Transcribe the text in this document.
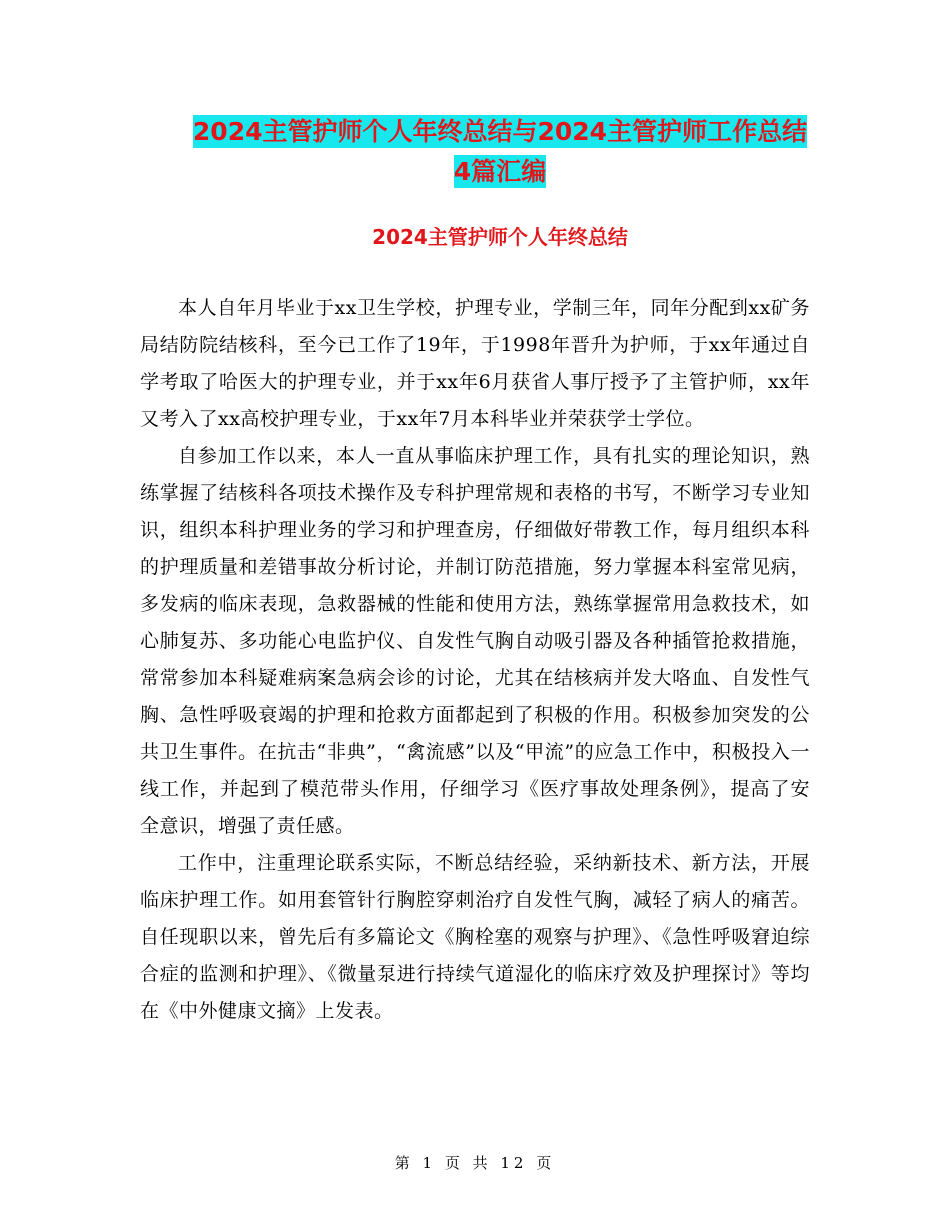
2024主管护师个人年终总结与2024主管护师工作总结
4篇汇编
2024主管护师个人年终总结

本人自年月毕业于xx卫生学校，护理专业，学制三年，同年分配到xx矿务局结防院结核科，至今已工作了19年，于1998年晋升为护师，于xx年通过自学考取了哈医大的护理专业，并于xx年6月获省人事厅授予了主管护师，xx年又考入了xx高校护理专业，于xx年7月本科毕业并荣获学士学位。

自参加工作以来，本人一直从事临床护理工作，具有扎实的理论知识，熟练掌握了结核科各项技术操作及专科护理常规和表格的书写，不断学习专业知识，组织本科护理业务的学习和护理查房，仔细做好带教工作，每月组织本科的护理质量和差错事故分析讨论，并制订防范措施，努力掌握本科室常见病，多发病的临床表现，急救器械的性能和使用方法，熟练掌握常用急救技术，如心肺复苏、多功能心电监护仪、自发性气胸自动吸引器及各种插管抢救措施，常常参加本科疑难病案急病会诊的讨论，尤其在结核病并发大咯血、自发性气胸、急性呼吸衰竭的护理和抢救方面都起到了积极的作用。积极参加突发的公共卫生事件。在抗击“非典”，“禽流感”以及“甲流”的应急工作中，积极投入一线工作，并起到了模范带头作用，仔细学习《医疗事故处理条例》，提高了安全意识，增强了责任感。

工作中，注重理论联系实际，不断总结经验，采纳新技术、新方法，开展临床护理工作。如用套管针行胸腔穿刺治疗自发性气胸，减轻了病人的痛苦。自任现职以来，曾先后有多篇论文《胸栓塞的观察与护理》、《急性呼吸窘迫综合症的监测和护理》、《微量泵进行持续气道湿化的临床疗效及护理探讨》等均在《中外健康文摘》上发表。

第 1 页 共 12 页
